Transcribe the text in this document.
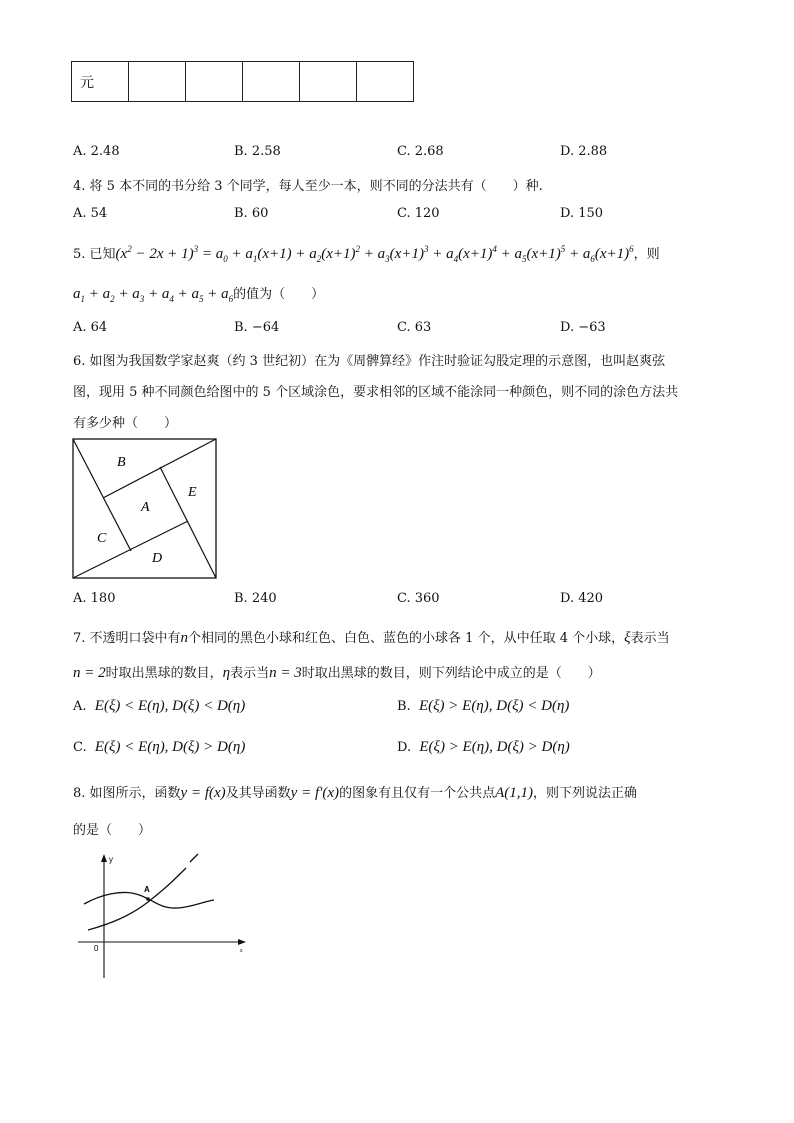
元					
A. 2.48	B. 2.58	C. 2.68	D. 2.88
4. 将 5 本不同的书分给 3 个同学，每人至少一本，则不同的分法共有（　　）种.
A. 54	B. 60	C. 120	D. 150
5. 已知$(x^2 - 2x + 1)^3 = a_0 + a_1(x+1) + a_2(x+1)^2 + a_3(x+1)^3 + a_4(x+1)^4 + a_5(x+1)^5 + a_6(x+1)^6$，则
$a_1 + a_2 + a_3 + a_4 + a_5 + a_6$的值为（　　）
A. 64	B. −64	C. 63	D. −63
6. 如图为我国数学家赵爽（约 3 世纪初）在为《周髀算经》作注时验证勾股定理的示意图，也叫赵爽弦
图，现用 5 种不同颜色给图中的 5 个区域涂色，要求相邻的区域不能涂同一种颜色，则不同的涂色方法共
有多少种（　　）
B
A
E
C
D
A. 180	B. 240	C. 360	D. 420
7. 不透明口袋中有n个相同的黑色小球和红色、白色、蓝色的小球各 1 个，从中任取 4 个小球，ξ表示当
n = 2时取出黑球的数目，η表示当n = 3时取出黑球的数目，则下列结论中成立的是（　　）
A. E(ξ) < E(η), D(ξ) < D(η)	B. E(ξ) > E(η), D(ξ) < D(η)
C. E(ξ) < E(η), D(ξ) > D(η)	D. E(ξ) > E(η), D(ξ) > D(η)
8. 如图所示，函数y = f(x)及其导函数y = f′(x)的图象有且仅有一个公共点A(1,1)，则下列说法正确
的是（　　）
y
0	x
A
